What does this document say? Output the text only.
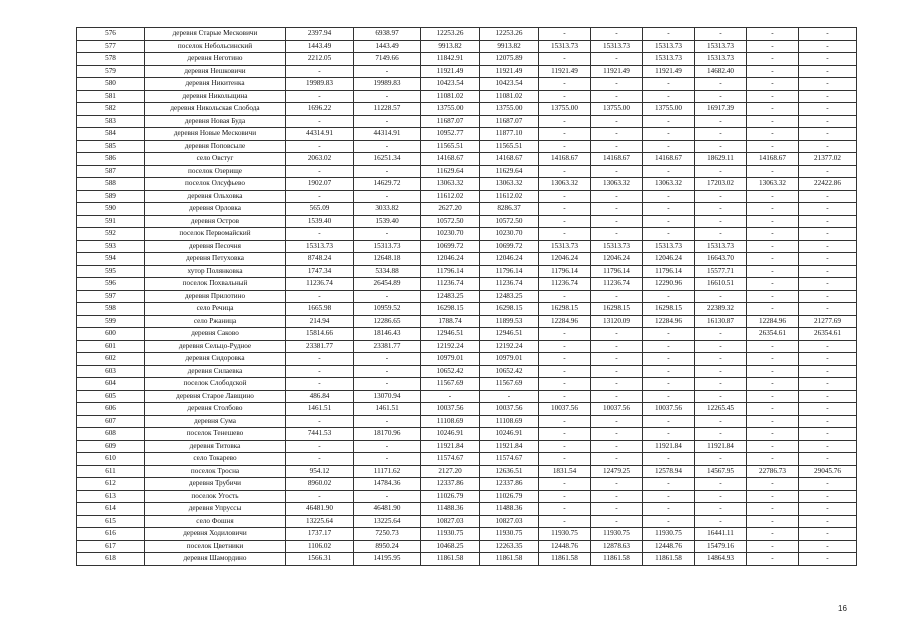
576	деревня Старые Месковичи	2397.94	6938.97	12253.26	12253.26	-	-	-	-	-	-
577	поселок Небольсинский	1443.49	1443.49	9913.82	9913.82	15313.73	15313.73	15313.73	15313.73	-	-
578	деревня Неготино	2212.05	7149.66	11842.91	12075.89	-	-	15313.73	15313.73	-	-
579	деревня Нешковичи	-	-	11921.49	11921.49	11921.49	11921.49	11921.49	14682.40	-	-
580	деревня Никитенка	19989.83	19989.83	10423.54	10423.54	-	-	-	-	-	-
581	деревня Никольщина	-	-	11081.02	11081.02	-	-	-	-	-	-
582	деревня Никольская Слобода	1696.22	11228.57	13755.00	13755.00	13755.00	13755.00	13755.00	16917.39	-	-
583	деревня Новая Буда	-	-	11687.07	11687.07	-	-	-	-	-	-
584	деревня Новые Месковичи	44314.91	44314.91	10952.77	11877.10	-	-	-	-	-	-
585	деревня Поповсыле	-	-	11565.51	11565.51	-	-	-	-	-	-
586	село Овстуг	2063.02	16251.34	14168.67	14168.67	14168.67	14168.67	14168.67	18629.11	14168.67	21377.02
587	поселок Озерище	-	-	11629.64	11629.64	-	-	-	-	-	-
588	поселок Олсуфьево	1902.07	14629.72	13063.32	13063.32	13063.32	13063.32	13063.32	17203.02	13063.32	22422.86
589	деревня Ольховка	-	-	11612.02	11612.02	-	-	-	-	-	-
590	деревня Орловка	565.09	3033.82	2627.20	8286.37	-	-	-	-	-	-
591	деревня Остров	1539.40	1539.40	10572.50	10572.50	-	-	-	-	-	-
592	поселок Первомайский	-	-	10230.70	10230.70	-	-	-	-	-	-
593	деревня Песочня	15313.73	15313.73	10699.72	10699.72	15313.73	15313.73	15313.73	15313.73	-	-
594	деревня Петуховка	8748.24	12648.18	12046.24	12046.24	12046.24	12046.24	12046.24	16643.70	-	-
595	хутор Полянковка	1747.34	5334.88	11796.14	11796.14	11796.14	11796.14	11796.14	15577.71	-	-
596	поселок Похвальный	11236.74	26454.89	11236.74	11236.74	11236.74	11236.74	12290.96	16610.51	-	-
597	деревня Прилотино	-	-	12483.25	12483.25	-	-	-	-	-	-
598	село Речица	1665.98	10959.52	16298.15	16298.15	16298.15	16298.15	16298.15	22389.32	-	-
599	село Ржаница	214.94	12286.65	1788.74	11899.53	12284.96	13120.09	12284.96	16130.87	12284.96	21277.69
600	деревня Саково	15814.66	18146.43	12946.51	12946.51	-	-	-	-	26354.61	26354.61
601	деревня Сельцо-Рудное	23381.77	23381.77	12192.24	12192.24	-	-	-	-	-	-
602	деревня Сидоровка	-	-	10979.01	10979.01	-	-	-	-	-	-
603	деревня Силаевка	-	-	10652.42	10652.42	-	-	-	-	-	-
604	поселок Слободской	-	-	11567.69	11567.69	-	-	-	-	-	-
605	деревня Старое Лавщино	486.84	13070.94	-	-	-	-	-	-	-	-
606	деревня Столбово	1461.51	1461.51	10037.56	10037.56	10037.56	10037.56	10037.56	12265.45	-	-
607	деревня Сума	-	-	11108.69	11108.69	-	-	-	-	-	-
608	поселок Тенешево	7441.53	18170.96	10246.91	10246.91	-	-	-	-	-	-
609	деревня Титовка	-	-	11921.84	11921.84	-	-	11921.84	11921.84	-	-
610	село Токарево	-	-	11574.67	11574.67	-	-	-	-	-	-
611	поселок Тросна	954.12	11171.62	2127.20	12636.51	1831.54	12479.25	12578.94	14567.95	22786.73	29045.76
612	деревня Трубичи	8960.02	14784.36	12337.86	12337.86	-	-	-	-	-	-
613	поселок Угость	-	-	11026.79	11026.79	-	-	-	-	-	-
614	деревня Упруссы	46481.90	46481.90	11488.36	11488.36	-	-	-	-	-	-
615	село Фошня	13225.64	13225.64	10827.03	10827.03	-	-	-	-	-	-
616	деревня Ходиловичи	1737.17	7250.73	11930.75	11930.75	11930.75	11930.75	11930.75	16441.11	-	-
617	поселок Цветники	1106.02	8950.24	10468.25	12263.35	12448.76	12878.63	12448.76	15479.16	-	-
618	деревня Шамордино	1566.31	14195.95	11861.58	11861.58	11861.58	11861.58	11861.58	14864.93	-	-
16
